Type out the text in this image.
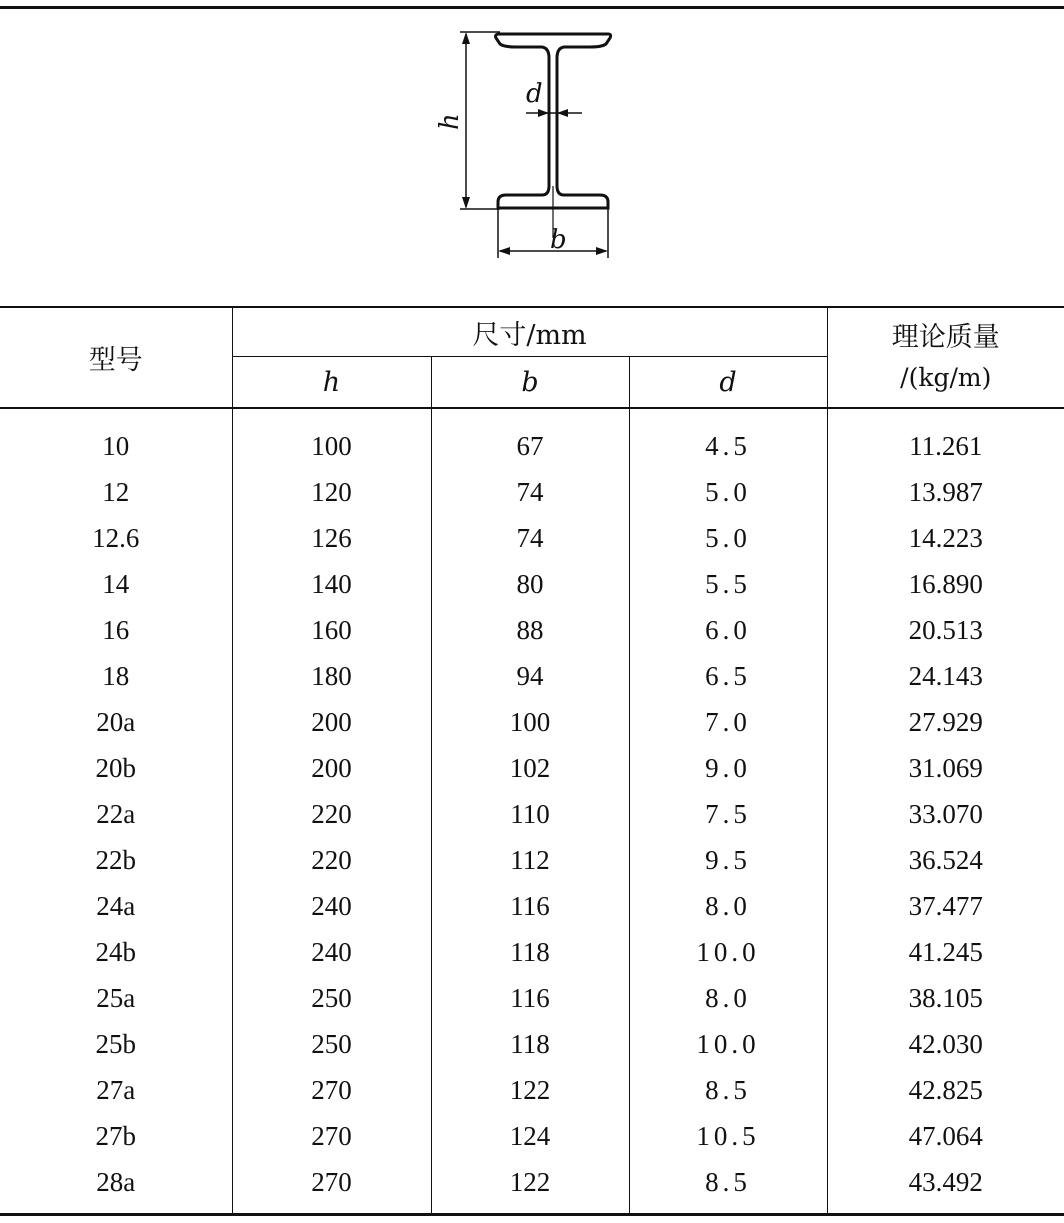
h
d
b
型号	尺寸/mm			理论质量
/(kg/m)

	h	b	d	
10	100	67	4.5	11.261
12	120	74	5.0	13.987
12.6	126	74	5.0	14.223
14	140	80	5.5	16.890
16	160	88	6.0	20.513
18	180	94	6.5	24.143
20a	200	100	7.0	27.929
20b	200	102	9.0	31.069
22a	220	110	7.5	33.070
22b	220	112	9.5	36.524
24a	240	116	8.0	37.477
24b	240	118	10.0	41.245
25a	250	116	8.0	38.105
25b	250	118	10.0	42.030
27a	270	122	8.5	42.825
27b	270	124	10.5	47.064
28a	270	122	8.5	43.492
